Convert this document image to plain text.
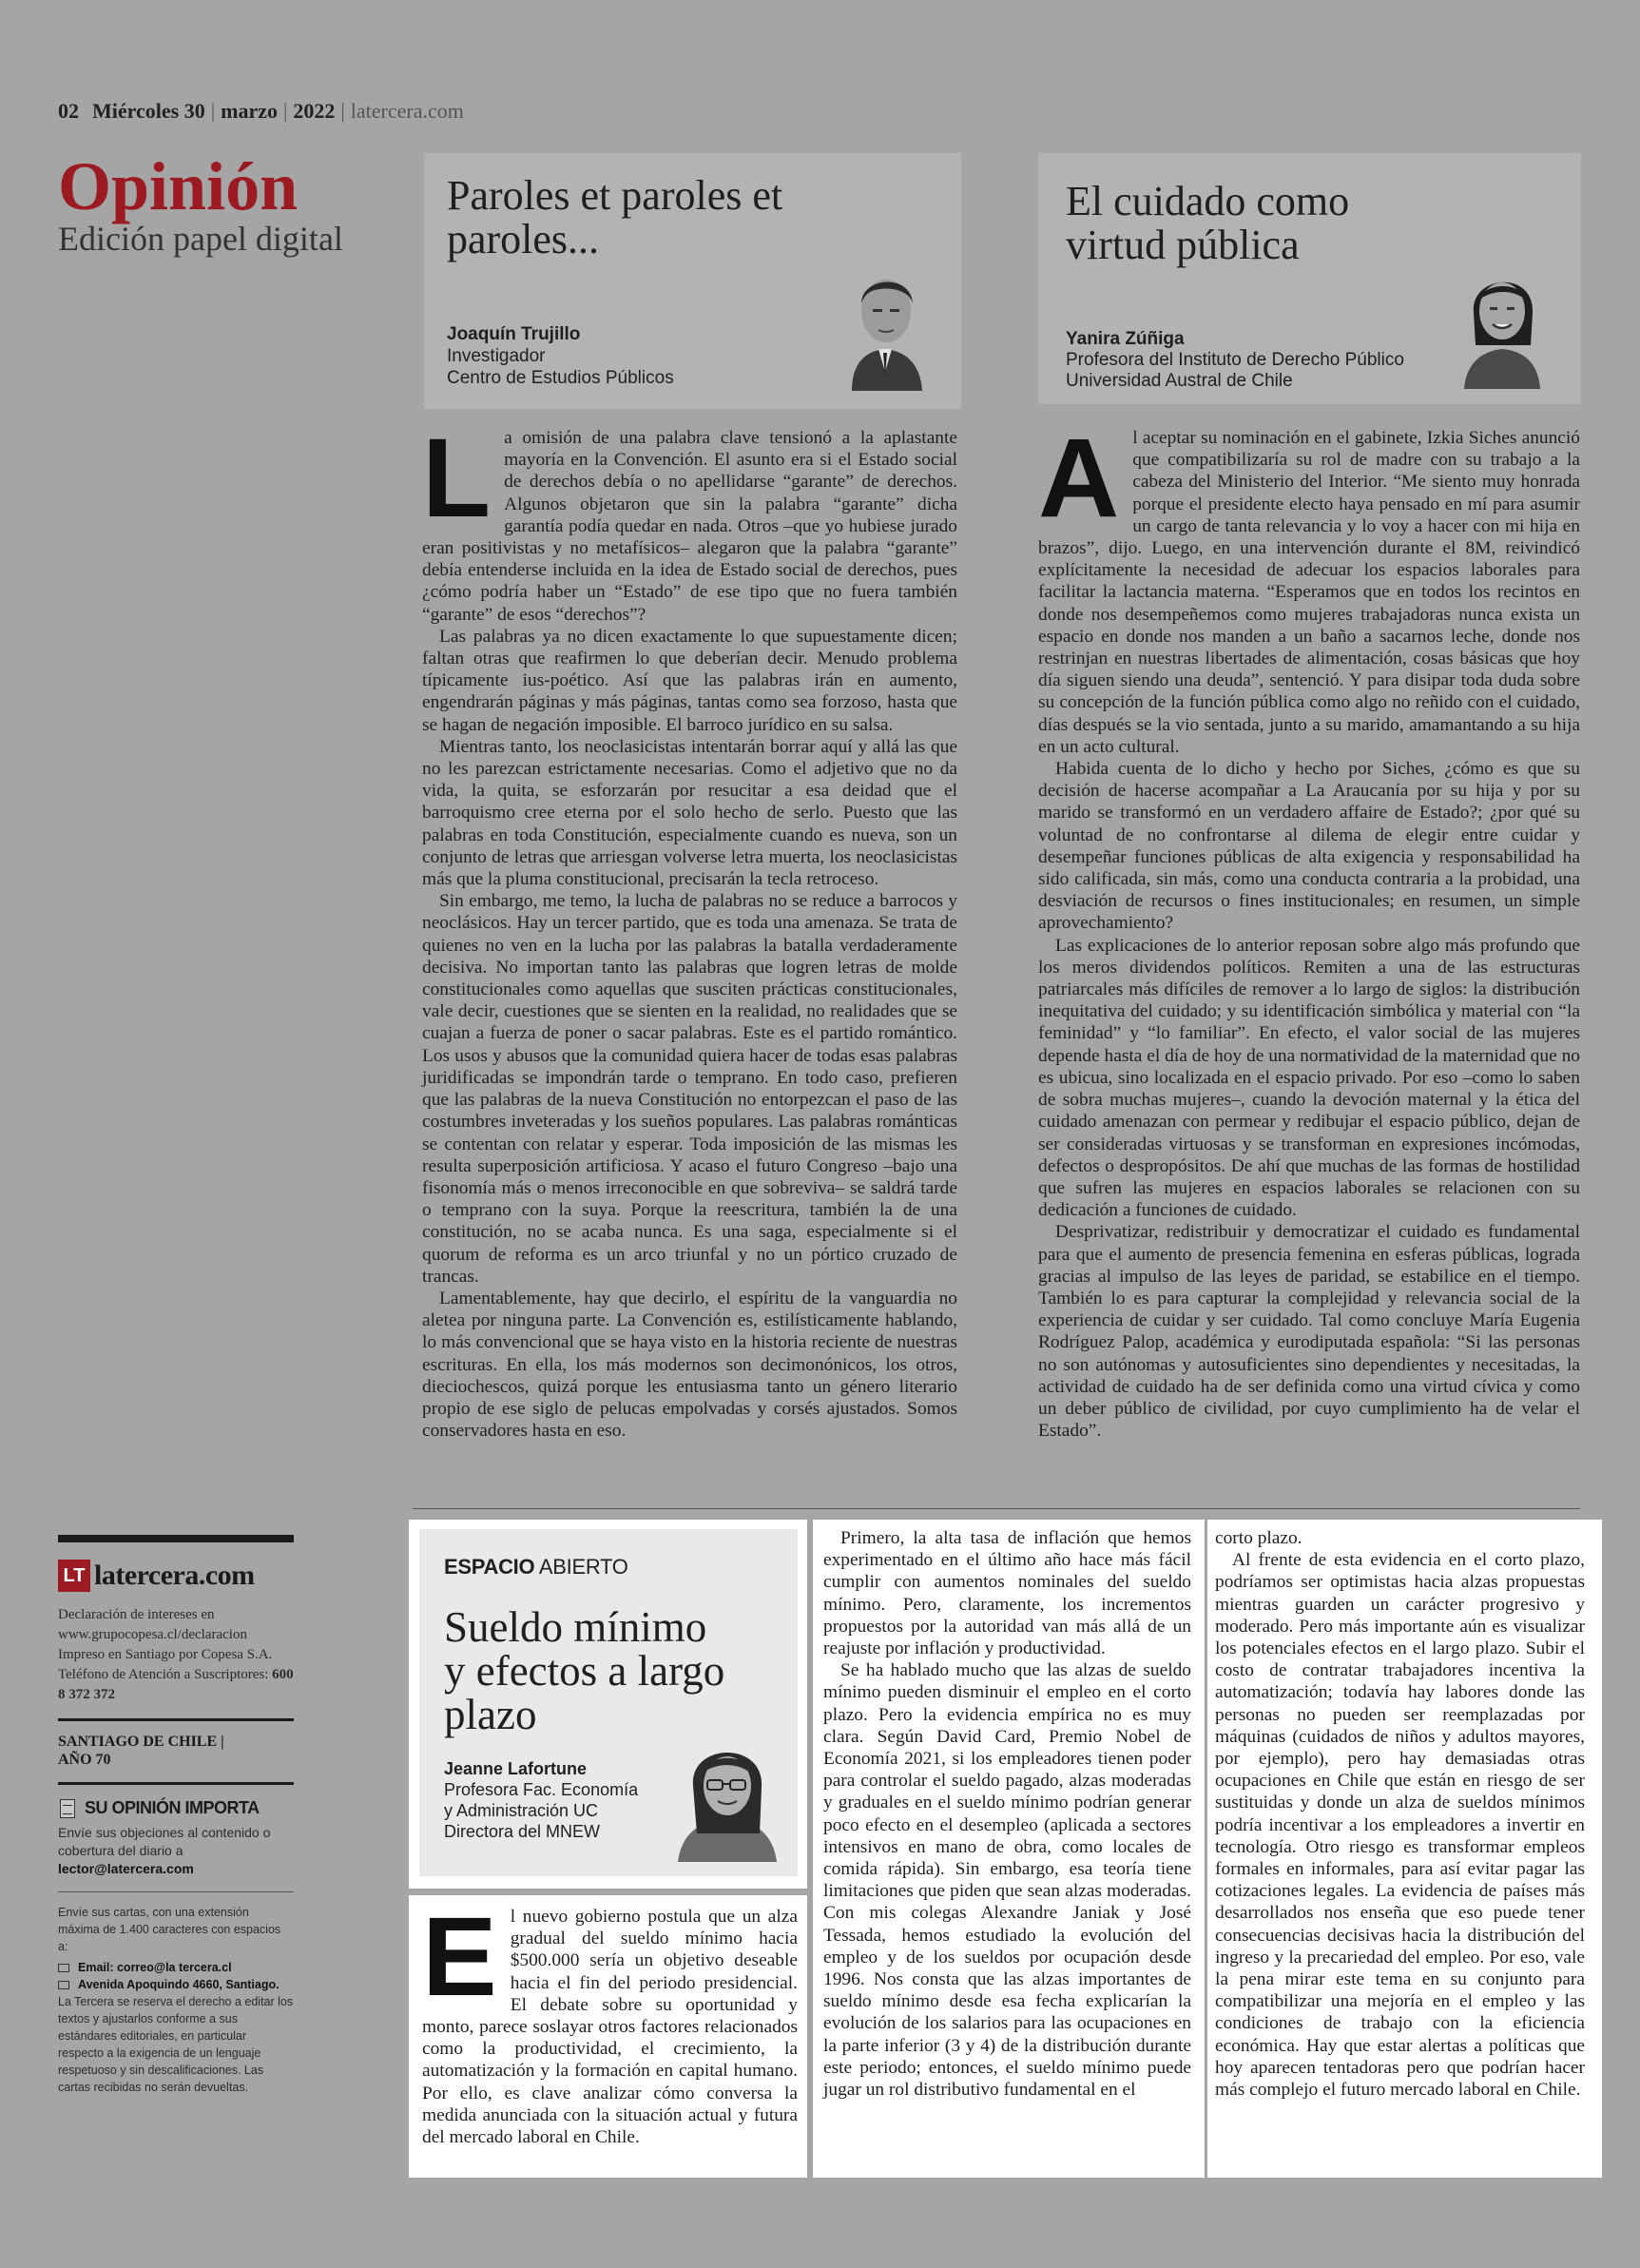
02 Miércoles 30 | marzo | 2022 | latercera.com
Opinión
Edición papel digital
Paroles et paroles et
paroles...
Joaquín Trujillo
Investigador
Centro de Estudios Públicos
El cuidado como
virtud pública
Yanira Zúñiga
Profesora del Instituto de Derecho Público
Universidad Austral de Chile

La omisión de una palabra clave tensionó a la aplastante mayoría en la Convención. El asunto era si el Estado social de derechos debía o no apellidarse “garante” de derechos. Algunos objetaron que sin la palabra “garante” dicha garantía podía quedar en nada. Otros –que yo hubiese jurado eran positivistas y no metafísicos– alegaron que la palabra “garante” debía entenderse incluida en la idea de Estado social de derechos, pues ¿cómo podría haber un “Estado” de ese tipo que no fuera también “garante” de esos “derechos”?

Las palabras ya no dicen exactamente lo que supuestamente dicen; faltan otras que reafirmen lo que deberían decir. Menudo problema típicamente ius-poético. Así que las palabras irán en aumento, engendrarán páginas y más páginas, tantas como sea forzoso, hasta que se hagan de negación imposible. El barroco jurídico en su salsa.

Mientras tanto, los neoclasicistas intentarán borrar aquí y allá las que no les parezcan estrictamente necesarias. Como el adjetivo que no da vida, la quita, se esforzarán por resucitar a esa deidad que el barroquismo cree eterna por el solo hecho de serlo. Puesto que las palabras en toda Constitución, especialmente cuando es nueva, son un conjunto de letras que arriesgan volverse letra muerta, los neoclasicistas más que la pluma constitucional, precisarán la tecla retroceso.

Sin embargo, me temo, la lucha de palabras no se reduce a barrocos y neoclásicos. Hay un tercer partido, que es toda una amenaza. Se trata de quienes no ven en la lucha por las palabras la batalla verdaderamente decisiva. No importan tanto las palabras que logren letras de molde constitucionales como aquellas que susciten prácticas constitucionales, vale decir, cuestiones que se sienten en la realidad, no realidades que se cuajan a fuerza de poner o sacar palabras. Este es el partido romántico. Los usos y abusos que la comunidad quiera hacer de todas esas palabras juridificadas se impondrán tarde o temprano. En todo caso, prefieren que las palabras de la nueva Constitución no entorpezcan el paso de las costumbres inveteradas y los sueños populares. Las palabras románticas se contentan con relatar y esperar. Toda imposición de las mismas les resulta superposición artificiosa. Y acaso el futuro Congreso –bajo una fisonomía más o menos irreconocible en que sobreviva– se saldrá tarde o temprano con la suya. Porque la reescritura, también la de una constitución, no se acaba nunca. Es una saga, especialmente si el quorum de reforma es un arco triunfal y no un pórtico cruzado de trancas.

Lamentablemente, hay que decirlo, el espíritu de la vanguardia no aletea por ninguna parte. La Convención es, estilísticamente hablando, lo más convencional que se haya visto en la historia reciente de nuestras escrituras. En ella, los más modernos son decimonónicos, los otros, dieciochescos, quizá porque les entusiasma tanto un género literario propio de ese siglo de pelucas empolvadas y corsés ajustados. Somos conservadores hasta en eso.

Al aceptar su nominación en el gabinete, Izkia Siches anunció que compatibilizaría su rol de madre con su trabajo a la cabeza del Ministerio del Interior. “Me siento muy honrada porque el presidente electo haya pensado en mí para asumir un cargo de tanta relevancia y lo voy a hacer con mi hija en brazos”, dijo. Luego, en una intervención durante el 8M, reivindicó explícitamente la necesidad de adecuar los espacios laborales para facilitar la lactancia materna. “Esperamos que en todos los recintos en donde nos desempeñemos como mujeres trabajadoras nunca exista un espacio en donde nos manden a un baño a sacarnos leche, donde nos restrinjan en nuestras libertades de alimentación, cosas básicas que hoy día siguen siendo una deuda”, sentenció. Y para disipar toda duda sobre su concepción de la función pública como algo no reñido con el cuidado, días después se la vio sentada, junto a su marido, amamantando a su hija en un acto cultural.

Habida cuenta de lo dicho y hecho por Siches, ¿cómo es que su decisión de hacerse acompañar a La Araucanía por su hija y por su marido se transformó en un verdadero affaire de Estado?; ¿por qué su voluntad de no confrontarse al dilema de elegir entre cuidar y desempeñar funciones públicas de alta exigencia y responsabilidad ha sido calificada, sin más, como una conducta contraria a la probidad, una desviación de recursos o fines institucionales; en resumen, un simple aprovechamiento?

Las explicaciones de lo anterior reposan sobre algo más profundo que los meros dividendos políticos. Remiten a una de las estructuras patriarcales más difíciles de remover a lo largo de siglos: la distribución inequitativa del cuidado; y su identificación simbólica y material con “la feminidad” y “lo familiar”. En efecto, el valor social de las mujeres depende hasta el día de hoy de una normatividad de la maternidad que no es ubicua, sino localizada en el espacio privado. Por eso –como lo saben de sobra muchas mujeres–, cuando la devoción maternal y la ética del cuidado amenazan con permear y redibujar el espacio público, dejan de ser consideradas virtuosas y se transforman en expresiones incómodas, defectos o despropósitos. De ahí que muchas de las formas de hostilidad que sufren las mujeres en espacios laborales se relacionen con su dedicación a funciones de cuidado.

Desprivatizar, redistribuir y democratizar el cuidado es fundamental para que el aumento de presencia femenina en esferas públicas, lograda gracias al impulso de las leyes de paridad, se estabilice en el tiempo. También lo es para capturar la complejidad y relevancia social de la experiencia de cuidar y ser cuidado. Tal como concluye María Eugenia Rodríguez Palop, académica y eurodiputada española: “Si las personas no son autónomas y autosuficientes sino dependientes y necesitadas, la actividad de cuidado ha de ser definida como una virtud cívica y como un deber público de civilidad, por cuyo cumplimiento ha de velar el Estado”.

LT latercera.com
Declaración de intereses en www.grupocopesa.cl/declaracion Impreso en Santiago por Copesa S.A. Teléfono de Atención a Suscriptores: 600 8 372 372
SANTIAGO DE CHILE |
AÑO 70
SU OPINIÓN IMPORTA
Envíe sus objeciones al contenido o cobertura del diario a
lector@latercera.com
Envíe sus cartas, con una extensión máxima de 1.400 caracteres con espacios a:
Email: correo@la tercera.cl
Avenida Apoquindo 4660, Santiago.
La Tercera se reserva el derecho a editar los textos y ajustarlos conforme a sus estándares editoriales, en particular respecto a la exigencia de un lenguaje respetuoso y sin descalificaciones. Las cartas recibidas no serán devueltas.
ESPACIO ABIERTO
Sueldo mínimo
y efectos a largo
plazo
Jeanne Lafortune
Profesora Fac. Economía
y Administración UC
Directora del MNEW

El nuevo gobierno postula que un alza gradual del sueldo mínimo hacia $500.000 sería un objetivo deseable hacia el fin del periodo presidencial. El debate sobre su oportunidad y monto, parece soslayar otros factores relacionados como la productividad, el crecimiento, la automatización y la formación en capital humano. Por ello, es clave analizar cómo conversa la medida anunciada con la situación actual y futura del mercado laboral en Chile.

Primero, la alta tasa de inflación que hemos experimentado en el último año hace más fácil cumplir con aumentos nominales del sueldo mínimo. Pero, claramente, los incrementos propuestos por la autoridad van más allá de un reajuste por inflación y productividad.

Se ha hablado mucho que las alzas de sueldo mínimo pueden disminuir el empleo en el corto plazo. Pero la evidencia empírica no es muy clara. Según David Card, Premio Nobel de Economía 2021, si los empleadores tienen poder para controlar el sueldo pagado, alzas moderadas y graduales en el sueldo mínimo podrían generar poco efecto en el desempleo (aplicada a sectores intensivos en mano de obra, como locales de comida rápida). Sin embargo, esa teoría tiene limitaciones que piden que sean alzas moderadas. Con mis colegas Alexandre Janiak y José Tessada, hemos estudiado la evolución del empleo y de los sueldos por ocupación desde 1996. Nos consta que las alzas importantes de sueldo mínimo desde esa fecha explicarían la evolución de los salarios para las ocupaciones en la parte inferior (3 y 4) de la distribución durante este periodo; entonces, el sueldo mínimo puede jugar un rol distributivo fundamental en el

corto plazo.

Al frente de esta evidencia en el corto plazo, podríamos ser optimistas hacia alzas propuestas mientras guarden un carácter progresivo y moderado. Pero más importante aún es visualizar los potenciales efectos en el largo plazo. Subir el costo de contratar trabajadores incentiva la automatización; todavía hay labores donde las personas no pueden ser reemplazadas por máquinas (cuidados de niños y adultos mayores, por ejemplo), pero hay demasiadas otras ocupaciones en Chile que están en riesgo de ser sustituidas y donde un alza de sueldos mínimos podría incentivar a los empleadores a invertir en tecnología. Otro riesgo es transformar empleos formales en informales, para así evitar pagar las cotizaciones legales. La evidencia de países más desarrollados nos enseña que eso puede tener consecuencias decisivas hacia la distribución del ingreso y la precariedad del empleo. Por eso, vale la pena mirar este tema en su conjunto para compatibilizar una mejoría en el empleo y las condiciones de trabajo con la eficiencia económica. Hay que estar alertas a políticas que hoy aparecen tentadoras pero que podrían hacer más complejo el futuro mercado laboral en Chile.
